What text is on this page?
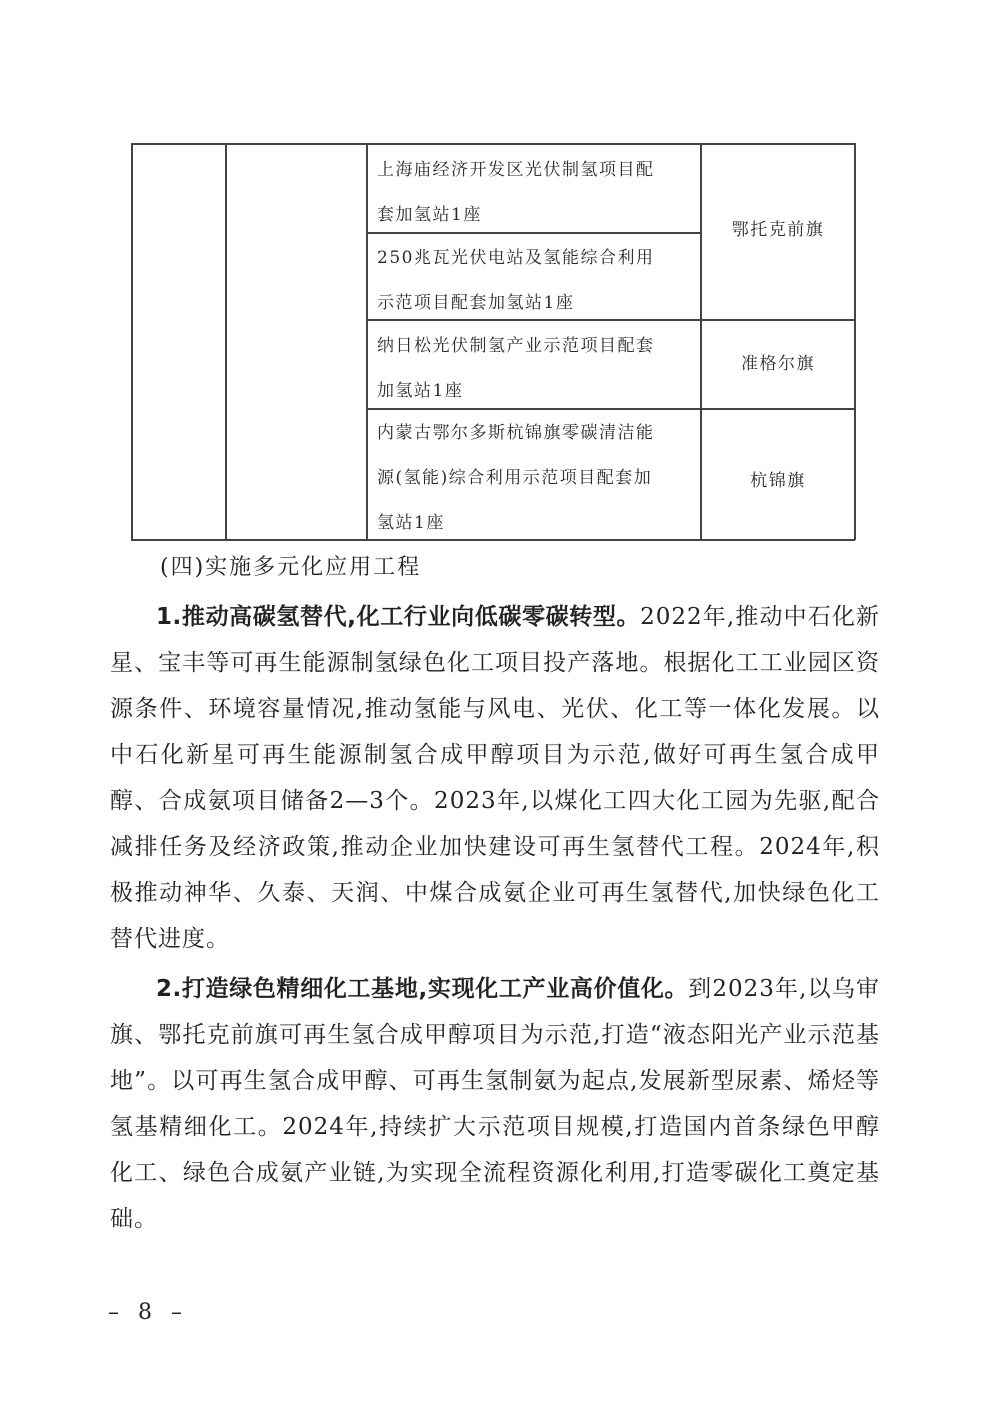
上海庙经济开发区光伏制氢项目配
套加氢站1座
250兆瓦光伏电站及氢能综合利用
示范项目配套加氢站1座
鄂托克前旗
纳日松光伏制氢产业示范项目配套
加氢站1座
准格尔旗
内蒙古鄂尔多斯杭锦旗零碳清洁能
源(氢能)综合利用示范项目配套加
氢站1座
杭锦旗
(四)实施多元化应用工程

1.推动高碳氢替代,化工行业向低碳零碳转型。2022年,推动中石化新星、宝丰等可再生能源制氢绿色化工项目投产落地。根据化工工业园区资源条件、环境容量情况,推动氢能与风电、光伏、化工等一体化发展。以中石化新星可再生能源制氢合成甲醇项目为示范,做好可再生氢合成甲醇、合成氨项目储备2—3个。2023年,以煤化工四大化工园为先驱,配合减排任务及经济政策,推动企业加快建设可再生氢替代工程。2024年,积极推动神华、久泰、天润、中煤合成氨企业可再生氢替代,加快绿色化工替代进度。

2.打造绿色精细化工基地,实现化工产业高价值化。到2023年,以乌审旗、鄂托克前旗可再生氢合成甲醇项目为示范,打造“液态阳光产业示范基地”。以可再生氢合成甲醇、可再生氢制氨为起点,发展新型尿素、烯烃等氢基精细化工。2024年,持续扩大示范项目规模,打造国内首条绿色甲醇化工、绿色合成氨产业链,为实现全流程资源化利用,打造零碳化工奠定基础。

– 8 –
